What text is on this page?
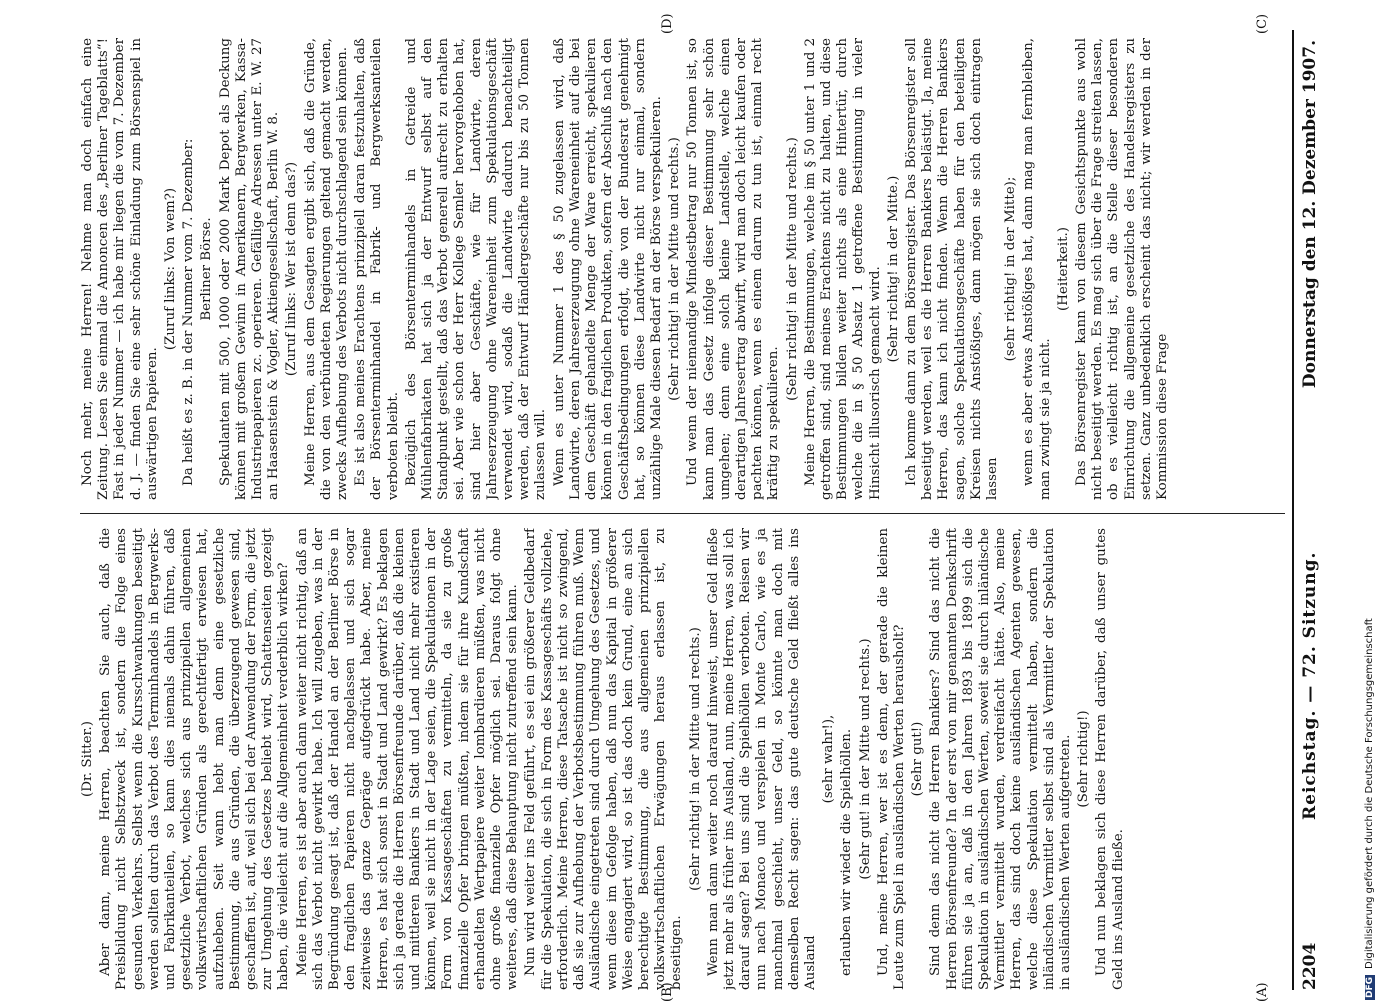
2204
Reichstag. — 72. Sitzung.
Donnerstag den 12. Dezember 1907.

(Dr. Sitter.) Aber dann, meine Herren, beachten Sie auch, daß die Preisbildung nicht Selbstzweck ist, sondern die Folge eines gesunden Verkehrs. Selbst wenn die Kursschwankungen beseitigt werden sollten durch das Verbot des Terminhandels in Bergwerks- und Fabrikanteilen, so kann dies niemals dahin führen, daß gesetzliche Verbot, welches sich aus prinzipiellen allgemeinen volkswirtschaftlichen Gründen als gerechtfertigt erwiesen hat, aufzuheben. Seit wann hebt man denn eine gesetzliche Bestimmung, die aus Gründen, die überzeugend gewesen sind, geschaffen ist, auf, weil sich bei der Anwendung der Form, die jetzt zur Umgehung des Gesetzes beliebt wird, Schattenseiten gezeigt haben, die vielleicht auf die Allgemeinheit verderblich wirken? Meine Herren, es ist aber auch dann weiter nicht richtig, daß an sich das Verbot nicht gewirkt habe. Ich will zugeben, was in der Begründung gesagt ist, daß der Handel an der Berliner Börse in den fraglichen Papieren nicht nachgelassen und sich sogar zeitweise das ganze Gepräge aufgedrückt habe. Aber, meine Herren, es hat sich sonst in Stadt und Land gewirkt? Es beklagen sich ja gerade die Herren Börsenfreunde darüber, daß die kleinen und mittleren Bankiers in Stadt und Land nicht mehr existieren können, weil sie nicht in der Lage seien, die Spekulationen in der Form von Kassageschäften zu vermitteln, da sie zu große finanzielle Opfer bringen müßten, indem sie für ihre Kundschaft erhandelten Wertpapiere weiter lombardieren müßten, was nicht ohne große finanzielle Opfer möglich sei. Daraus folgt ohne weiteres, daß diese Behauptung nicht zutreffend sein kann. Nun wird weiter ins Feld geführt, es sei ein größerer Geldbedarf für die Spekulation, die sich in Form des Kassageschäfts vollziehe, erforderlich. Meine Herren, diese Tatsache ist nicht so zwingend, daß sie zur Aufhebung der Verbotsbestimmung führen muß. Wenn Ausländische eingetreten sind durch Umgehung des Gesetzes, und wenn diese im Gefolge haben, daß nun das Kapital in größerer Weise engagiert wird, so ist das doch kein Grund, eine an sich berechtigte Bestimmung, die aus allgemeinen prinzipiellen volkswirtschaftlichen Erwägungen heraus erlassen ist, zu beseitigen.

(Sehr richtig! in der Mitte und rechts.) Wenn man dann weiter noch darauf hinweist, unser Geld fließe jetzt mehr als früher ins Ausland, nun, meine Herren, was soll ich darauf sagen? Bei uns sind die Spielhöllen verboten. Reisen wir nun nach Monaco und verspielen in Monte Carlo, wie es ja manchmal geschieht, unser Geld, so könnte man doch mit demselben Recht sagen: das gute deutsche Geld fließt alles ins Ausland

(sehr wahr!), erlauben wir wieder die Spielhöllen. (Sehr gut! in der Mitte und rechts.) Und, meine Herren, wer ist es denn, der gerade die kleinen Leute zum Spiel in ausländischen Werten herausholt? (Sehr gut!) Sind denn das nicht die Herren Bankiers? Sind das nicht die Herren Börsenfreunde? In der erst von mir genannten Denkschrift führen sie ja an, daß in den Jahren 1893 bis 1899 sich die Spekulation in ausländischen Werten, soweit sie durch inländische Vermittler vermittelt wurden, verdreifacht hätte. Also, meine Herren, das sind doch keine ausländischen Agenten gewesen, welche diese Spekulation vermittelt haben, sondern die inländischen Vermittler selbst sind als Vermittler der Spekulation in ausländischen Werten aufgetreten. (Sehr richtig!) Und nun beklagen sich diese Herren darüber, daß unser gutes Geld ins Ausland fließe.

Noch mehr, meine Herren! Nehme man doch einfach eine Zeitung. Lesen Sie einmal die Annoncen des „Berliner Tageblatts“! Fast in jeder Nummer — ich habe mir liegen die vom 7. Dezember d. J. — finden Sie eine sehr schöne Einladung zum Börsenspiel in auswärtigen Papieren.

(Zuruf links: Von wem?) Da heißt es z. B. in der Nummer vom 7. Dezember: Berliner Börse. Spekulanten mit 500, 1000 oder 2000 Mark Depot als Deckung können mit großem Gewinn in Amerikanern, Bergwerken, Kassa-Industriepapieren zc. operieren. Gefällige Adressen unter E. W. 27 an Haasenstein & Vogler, Aktiengesellschaft, Berlin W. 8. (Zuruf links: Wer ist denn das?) Meine Herren, aus dem Gesagten ergibt sich, daß die Gründe, die von den verbündeten Regierungen geltend gemacht werden, zwecks Aufhebung des Verbots nicht durchschlagend sein können. Es ist also meines Erachtens prinzipiell daran festzuhalten, daß der Börsenterminhandel in Fabrik- und Bergwerksanteilen verboten bleibt. Bezüglich des Börsenterminhandels in Getreide und Mühlenfabrikaten hat sich ja der Entwurf selbst auf den Standpunkt gestellt, daß das Verbot generell aufrecht zu erhalten sei. Aber wie schon der Herr Kollege Semler hervorgehoben hat, sind hier aber Geschäfte, wie für Landwirte, deren Jahreserzeugung ohne Wareneinheit zum Spekulationsgeschäft verwendet wird, sodaß die Landwirte dadurch benachteiligt werden, daß der Entwurf Händlergeschäfte nur bis zu 50 Tonnen zulassen will. Wenn es unter Nummer 1 des § 50 zugelassen wird, daß Landwirte, deren Jahreserzeugung ohne Wareneinheit auf die bei dem Geschäft gehandelte Menge der Ware erreicht, spekulieren können in den fraglichen Produkten, sofern der Abschluß nach den Geschäftsbedingungen erfolgt, die von der Bundesrat genehmigt hat, so können diese Landwirte nicht nur einmal, sondern unzählige Male diesen Bedarf an der Börse verspekulieren. (Sehr richtig! in der Mitte und rechts.) Und wenn der niemandige Mindestbetrag nur 50 Tonnen ist, so kann man das Gesetz infolge dieser Bestimmung sehr schön umgehen; denn eine solch kleine Landstelle, welche einen derartigen Jahresertrag abwirft, wird man doch leicht kaufen oder pachten können, wenn es einem darum zu tun ist, einmal recht kräftig zu spekulieren.

(Sehr richtig! in der Mitte und rechts.) Meine Herren, die Bestimmungen, welche im § 50 unter 1 und 2 getroffen sind, sind meines Erachtens nicht zu halten, und diese Bestimmungen bilden weiter nichts als eine Hintertür, durch welche die in § 50 Absatz 1 getroffene Bestimmung in vieler Hinsicht illusorisch gemacht wird. (Sehr richtig! in der Mitte.) Ich komme dann zu dem Börsenregister. Das Börsenregister soll beseitigt werden, weil es die Herren Bankiers belästigt. Ja, meine Herren, das kann ich nicht finden. Wenn die Herren Bankiers sagen, solche Spekulationsgeschäfte haben für den beteiligten Kreisen nichts Anstößiges, dann mögen sie sich doch eintragen lassen

(sehr richtig! in der Mitte); wenn es aber etwas Anstößiges hat, dann mag man fernbleiben, man zwingt sie ja nicht.

(Heiterkeit.) Das Börsenregister kann von diesem Gesichtspunkte aus wohl nicht beseitigt werden. Es mag sich über die Frage streiten lassen, ob es vielleicht richtig ist, an die Stelle dieser besonderen Einrichtung die allgemeine gesetzliche des Handelsregisters zu setzen. Ganz unbedenklich erscheint das nicht; wir werden in der Kommission diese Frage

(A)
(B)
(C)
(D)
DFGDigitalisierung gefördert durch die Deutsche Forschungsgemeinschaft
